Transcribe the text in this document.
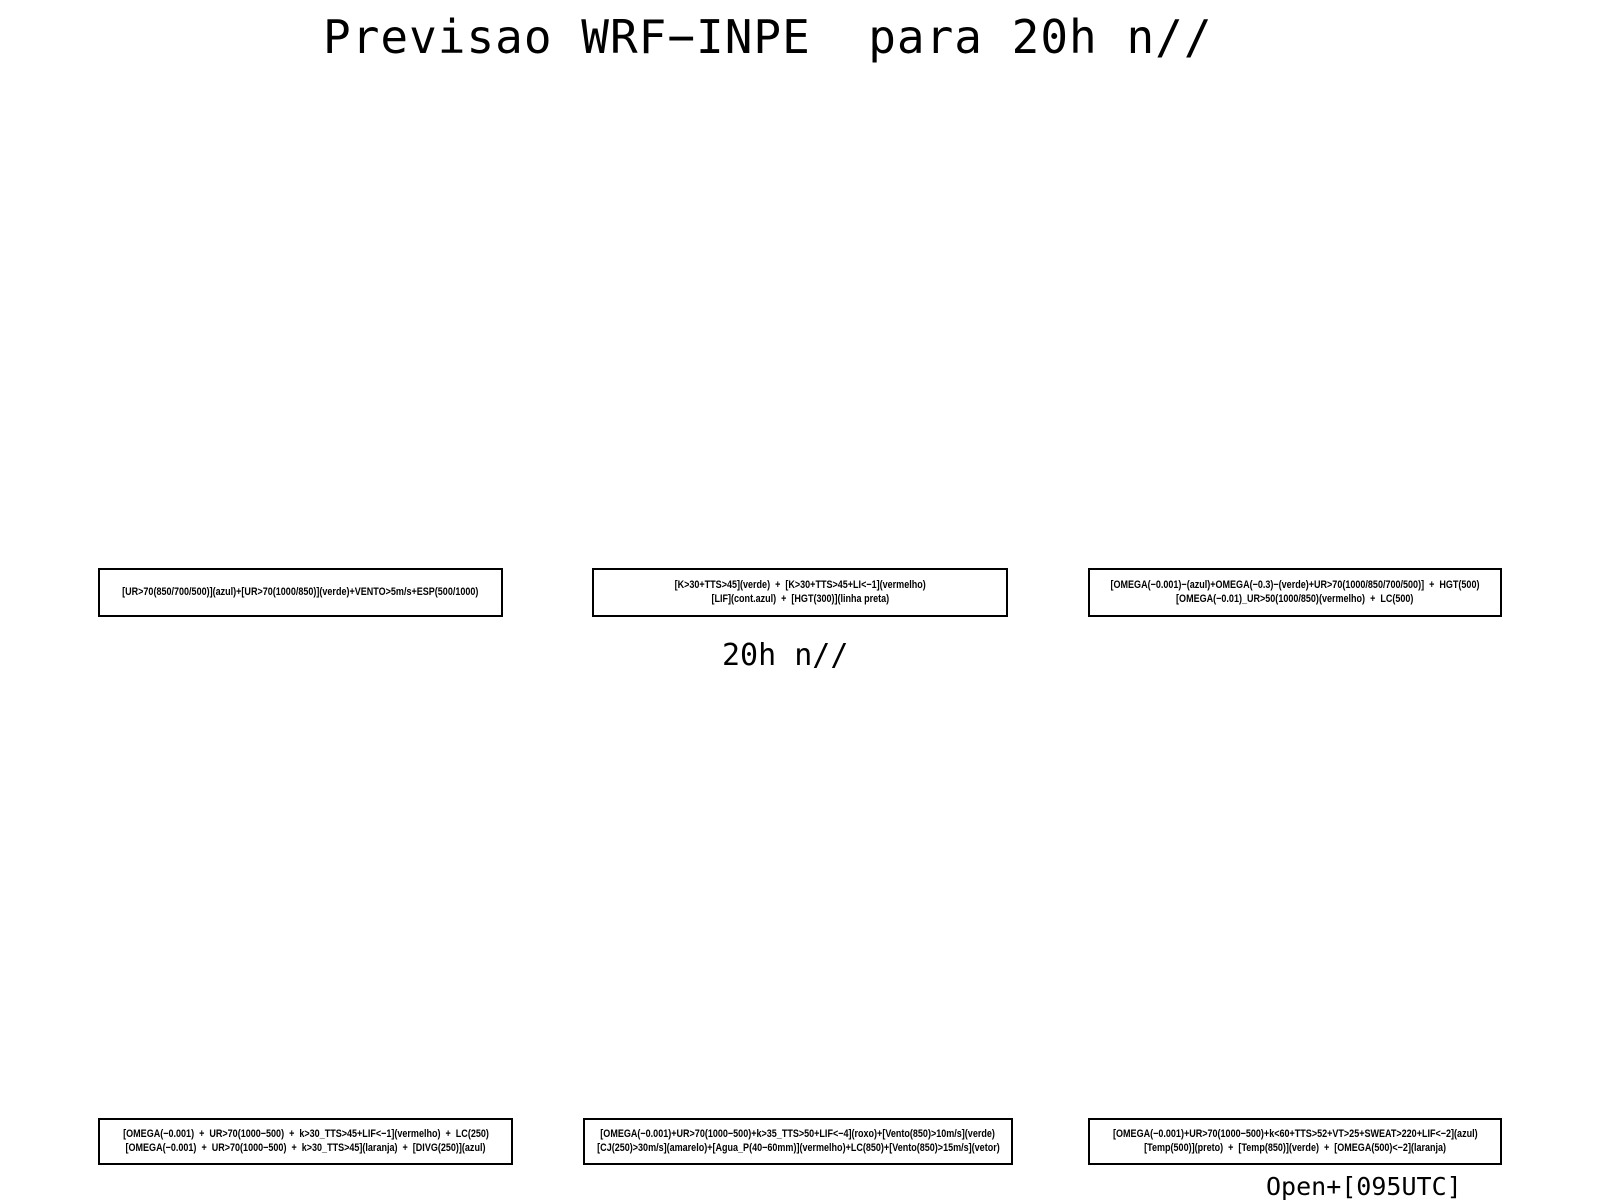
Previsao WRF−INPE  para 20h n//
[UR>70(850/700/500)](azul)+[UR>70(1000/850)](verde)+VENTO>5m/s+ESP(500/1000)
[K>30+TTS>45](verde)  +  [K>30+TTS>45+LI<−1](vermelho)
[LIF](cont.azul)  +  [HGT(300)](linha preta)
[OMEGA(−0.001)−(azul)+OMEGA(−0.3)−(verde)+UR>70(1000/850/700/500)]  +  HGT(500)
[OMEGA(−0.01)_UR>50(1000/850)(vermelho)  +  LC(500)
20h n//
[OMEGA(−0.001)  +  UR>70(1000−500)  +  k>30_TTS>45+LIF<−1](vermelho)  +  LC(250)
[OMEGA(−0.001)  +  UR>70(1000−500)  +  k>30_TTS>45](laranja)  +  [DIVG(250)](azul)
[OMEGA(−0.001)+UR>70(1000−500)+k>35_TTS>50+LIF<−4](roxo)+[Vento(850)>10m/s](verde)
[CJ(250)>30m/s](amarelo)+[Agua_P(40−60mm)](vermelho)+LC(850)+[Vento(850)>15m/s](vetor)
[OMEGA(−0.001)+UR>70(1000−500)+k<60+TTS>52+VT>25+SWEAT>220+LIF<−2](azul)
[Temp(500)](preto)  +  [Temp(850)](verde)  +  [OMEGA(500)<−2](laranja)
Open+[095UTC]
